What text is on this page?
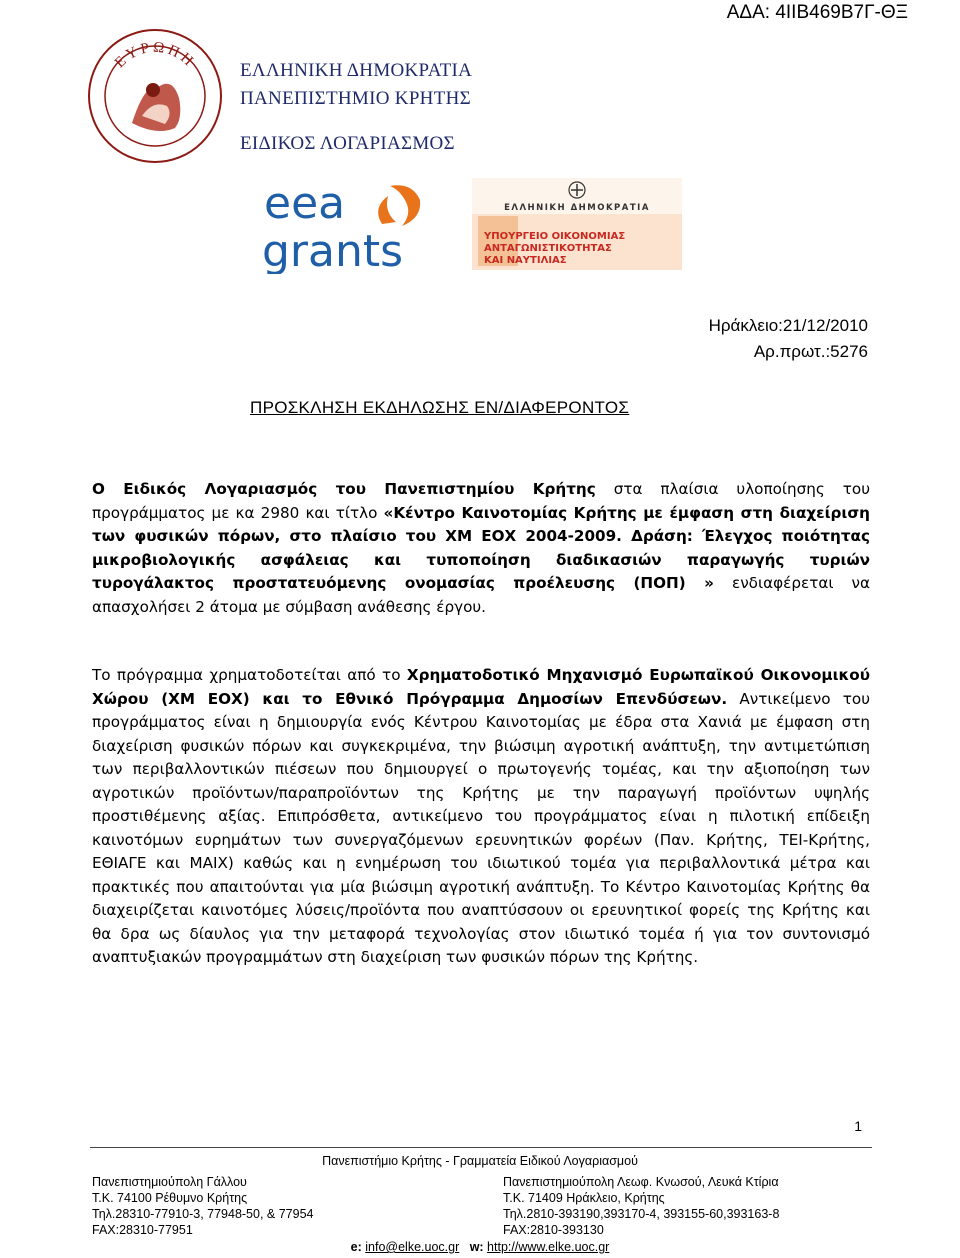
ΑΔΑ: 4ΙΙΒ469Β7Γ-ΘΞ
ΕΥΡΩΠΗ ΕΛΛΗΝΙΚΗ ΔΗΜΟΚΡΑΤΙΑ
ΠΑΝΕΠΙΣΤΗΜΙΟ ΚΡΗΤΗΣ
ΕΙΔΙΚΟΣ ΛΟΓΑΡΙΑΣΜΟΣ
eea
grants
ΕΛΛΗΝΙΚΗ ΔΗΜΟΚΡΑΤΙΑ
ΥΠΟΥΡΓΕΙΟ ΟΙΚΟΝΟΜΙΑΣ
ΑΝΤΑΓΩΝΙΣΤΙΚΟΤΗΤΑΣ
ΚΑΙ ΝΑΥΤΙΛΙΑΣ
Ηράκλειο:21/12/2010
Αρ.πρωτ.:5276
ΠΡΟΣΚΛΗΣΗ ΕΚΔΗΛΩΣΗΣ ΕΝ/ΔΙΑΦΕΡΟΝΤΟΣ

Ο Ειδικός Λογαριασμός του Πανεπιστημίου Κρήτης στα πλαίσια υλοποίησης του προγράμματος με κα 2980 και τίτλο «Κέντρο Καινοτομίας Κρήτης με έμφαση στη διαχείριση των φυσικών πόρων, στο πλαίσιο του ΧΜ ΕΟΧ 2004-2009. Δράση: Έλεγχος ποιότητας μικροβιολογικής ασφάλειας και τυποποίηση διαδικασιών παραγωγής τυριών τυρογάλακτος προστατευόμενης ονομασίας προέλευσης (ΠΟΠ) » ενδιαφέρεται να απασχολήσει 2 άτομα με σύμβαση ανάθεσης έργου.

Το πρόγραμμα χρηματοδοτείται από το Χρηματοδοτικό Μηχανισμό Ευρωπαϊκού Οικονομικού Χώρου (ΧΜ ΕΟΧ) και το Εθνικό Πρόγραμμα Δημοσίων Επενδύσεων. Αντικείμενο του προγράμματος είναι η δημιουργία ενός Κέντρου Καινοτομίας με έδρα στα Χανιά με έμφαση στη διαχείριση φυσικών πόρων και συγκεκριμένα, την βιώσιμη αγροτική ανάπτυξη, την αντιμετώπιση των περιβαλλοντικών πιέσεων που δημιουργεί ο πρωτογενής τομέας, και την αξιοποίηση των αγροτικών προϊόντων/παραπροϊόντων της Κρήτης με την παραγωγή προϊόντων υψηλής προστιθέμενης αξίας. Επιπρόσθετα, αντικείμενο του προγράμματος είναι η πιλοτική επίδειξη καινοτόμων ευρημάτων των συνεργαζόμενων ερευνητικών φορέων (Παν. Κρήτης, ΤΕΙ-Κρήτης, ΕΘΙΑΓΕ και ΜΑΙΧ) καθώς και η ενημέρωση του ιδιωτικού τομέα για περιβαλλοντικά μέτρα και πρακτικές που απαιτούνται για μία βιώσιμη αγροτική ανάπτυξη. Το Κέντρο Καινοτομίας Κρήτης θα διαχειρίζεται καινοτόμες λύσεις/προϊόντα που αναπτύσσουν οι ερευνητικοί φορείς της Κρήτης και θα δρα ως δίαυλος για την μεταφορά τεχνολογίας στον ιδιωτικό τομέα ή για τον συντονισμό αναπτυξιακών προγραμμάτων στη διαχείριση των φυσικών πόρων της Κρήτης.

1
Πανεπιστήμιο Κρήτης - Γραμματεία Ειδικού Λογαριασμού
Πανεπιστημιούπολη Γάλλου
Τ.Κ. 74100 Ρέθυμνο Κρήτης
Τηλ.28310-77910-3, 77948-50, & 77954
FAX:28310-77951
Πανεπιστημιούπολη Λεωφ. Κνωσού, Λευκά Κτίρια
Τ.Κ. 71409 Ηράκλειο, Κρήτης
Τηλ.2810-393190,393170-4, 393155-60,393163-8
FAX:2810-393130
e: info@elke.uoc.gr w: http://www.elke.uoc.gr
